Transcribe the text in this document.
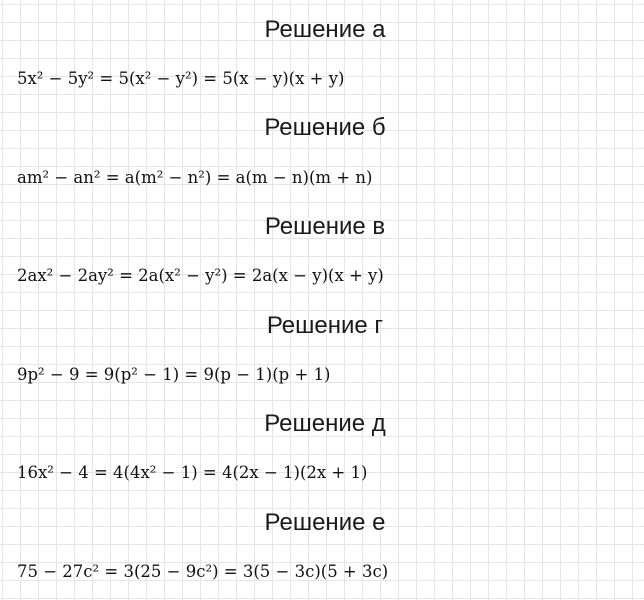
Решение а
5x² − 5y² = 5(x² − y²) = 5(x − y)(x + y)
Решение б
am² − an² = a(m² − n²) = a(m − n)(m + n)
Решение в
2ax² − 2ay² = 2a(x² − y²) = 2a(x − y)(x + y)
Решение г
9p² − 9 = 9(p² − 1) = 9(p − 1)(p + 1)
Решение д
16x² − 4 = 4(4x² − 1) = 4(2x − 1)(2x + 1)
Решение е
75 − 27c² = 3(25 − 9c²) = 3(5 − 3c)(5 + 3c)
